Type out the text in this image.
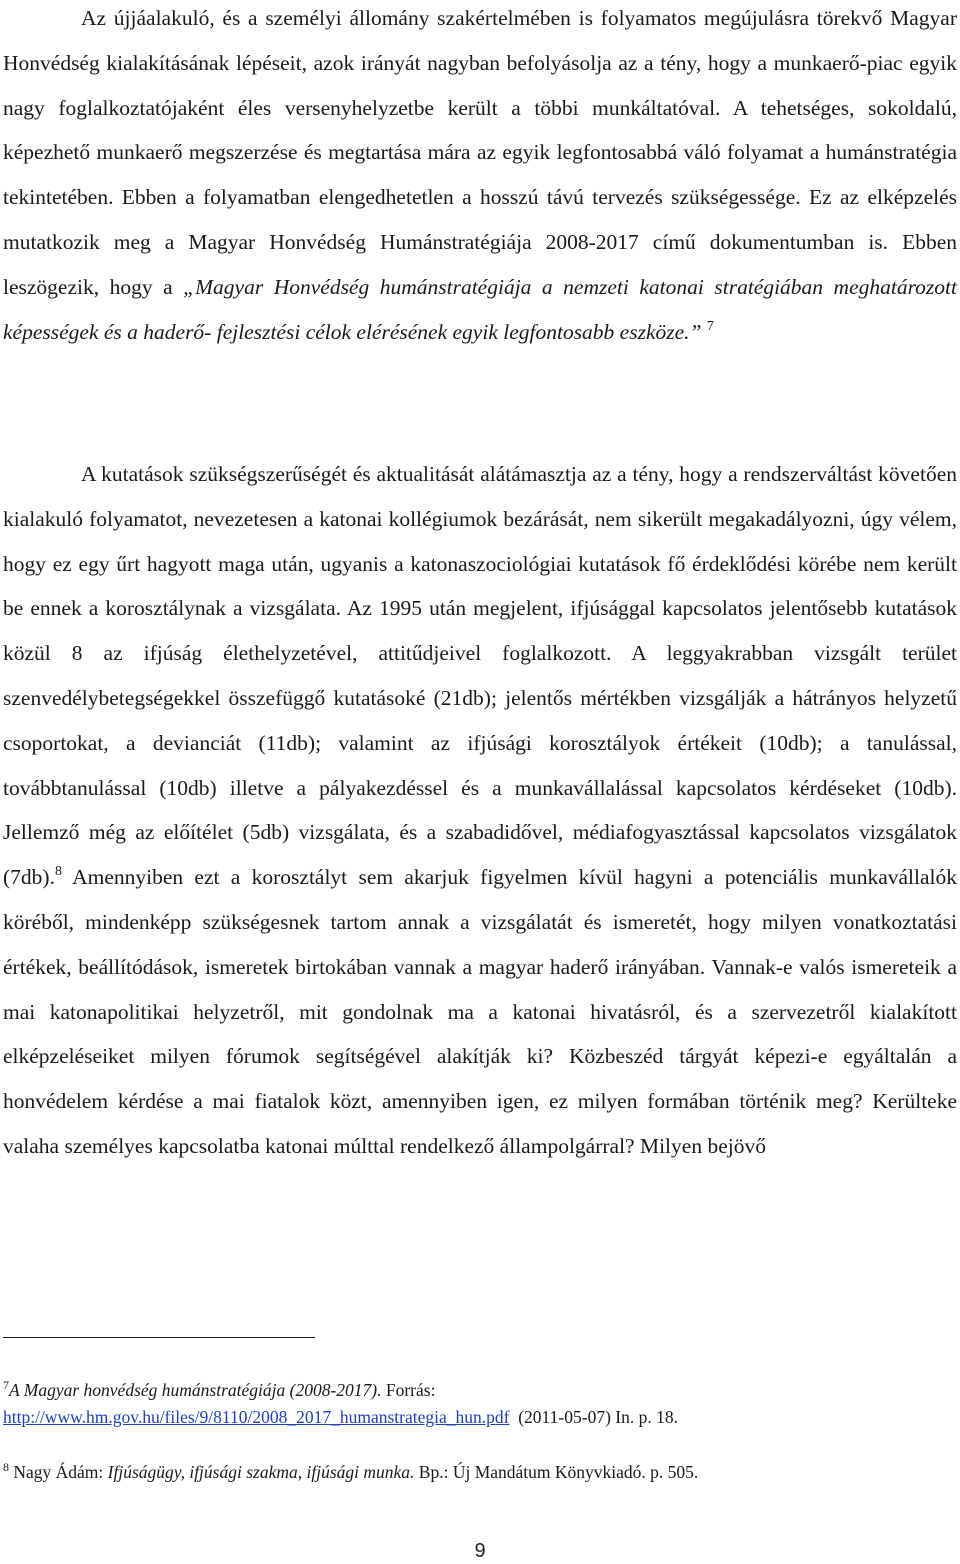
Az újjáalakuló, és a személyi állomány szakértelmében is folyamatos megújulásra törekvő Magyar Honvédség kialakításának lépéseit, azok irányát nagyban befolyásolja az a tény, hogy a munkaerő-piac egyik nagy foglalkoztatójaként éles versenyhelyzetbe került a többi munkáltatóval. A tehetséges, sokoldalú, képezhető munkaerő megszerzése és megtartása mára az egyik legfontosabbá váló folyamat a humánstratégia tekintetében. Ebben a folyamatban elengedhetetlen a hosszú távú tervezés szükségessége. Ez az elképzelés mutatkozik meg a Magyar Honvédség Humánstratégiája 2008-2017 című dokumentumban is. Ebben leszögezik, hogy a „Magyar Honvédség humánstratégiája a nemzeti katonai stratégiában meghatározott képességek és a haderő- fejlesztési célok elérésének egyik legfontosabb eszköze.” $^7$

A kutatások szükségszerűségét és aktualitását alátámasztja az a tény, hogy a rendszerváltást követően kialakuló folyamatot, nevezetesen a katonai kollégiumok bezárását, nem sikerült megakadályozni, úgy vélem, hogy ez egy űrt hagyott maga után, ugyanis a katonaszociológiai kutatások fő érdeklődési körébe nem került be ennek a korosztálynak a vizsgálata. Az 1995 után megjelent, ifjúsággal kapcsolatos jelentősebb kutatások közül 8 az ifjúság élethelyzetével, attitűdjeivel foglalkozott. A leggyakrabban vizsgált terület szenvedélybetegségekkel összefüggő kutatásoké (21db); jelentős mértékben vizsgálják a hátrányos helyzetű csoportokat, a devianciát (11db); valamint az ifjúsági korosztályok értékeit (10db); a tanulással, továbbtanulással (10db) illetve a pályakezdéssel és a munkavállalással kapcsolatos kérdéseket (10db). Jellemző még az előítélet (5db) vizsgálata, és a szabadidővel, médiafogyasztással kapcsolatos vizsgálatok (7db).$^8$ Amennyiben ezt a korosztályt sem akarjuk figyelmen kívül hagyni a potenciális munkavállalók köréből, mindenképp szükségesnek tartom annak a vizsgálatát és ismeretét, hogy milyen vonatkoztatási értékek, beállítódások, ismeretek birtokában vannak a magyar haderő irányában. Vannak-e valós ismereteik a mai katonapolitikai helyzetről, mit gondolnak ma a katonai hivatásról, és a szervezetről kialakított elképzeléseiket milyen fórumok segítségével alakítják ki? Közbeszéd tárgyát képezi-e egyáltalán a honvédelem kérdése a mai fiatalok közt, amennyiben igen, ez milyen formában történik meg? Kerülteke valaha személyes kapcsolatba katonai múlttal rendelkező állampolgárral? Milyen bejövő

$^7$A Magyar honvédség humánstratégiája (2008-2017). Forrás:
http://www.hm.gov.hu/files/9/8110/2008_2017_humanstrategia_hun.pdf  (2011-05-07) In. p. 18.

$^8$ Nagy Ádám: Ifjúságügy, ifjúsági szakma, ifjúsági munka. Bp.: Új Mandátum Könyvkiadó. p. 505.

9
